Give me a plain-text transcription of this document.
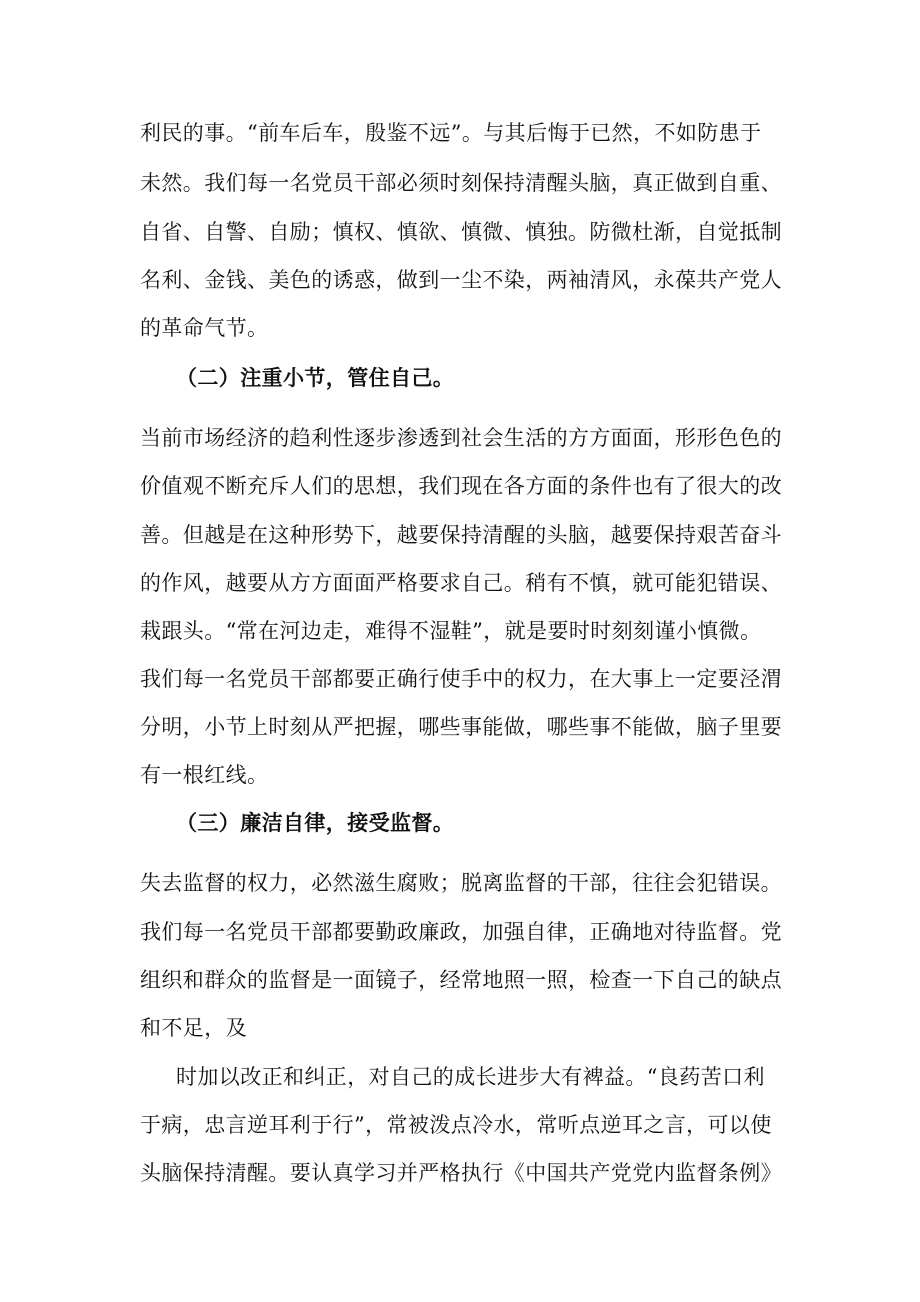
利民的事。“前车后车，殷鉴不远”。与其后悔于已然，不如防患于
未然。我们每一名党员干部必须时刻保持清醒头脑，真正做到自重、
自省、自警、自励；慎权、慎欲、慎微、慎独。防微杜渐，自觉抵制
名利、金钱、美色的诱惑，做到一尘不染，两袖清风，永葆共产党人
的革命气节。
（二）注重小节，管住自己。
当前市场经济的趋利性逐步渗透到社会生活的方方面面，形形色色的
价值观不断充斥人们的思想，我们现在各方面的条件也有了很大的改
善。但越是在这种形势下，越要保持清醒的头脑，越要保持艰苦奋斗
的作风，越要从方方面面严格要求自己。稍有不慎，就可能犯错误、
栽跟头。“常在河边走，难得不湿鞋”，就是要时时刻刻谨小慎微。
我们每一名党员干部都要正确行使手中的权力，在大事上一定要泾渭
分明，小节上时刻从严把握，哪些事能做，哪些事不能做，脑子里要
有一根红线。
（三）廉洁自律，接受监督。
失去监督的权力，必然滋生腐败；脱离监督的干部，往往会犯错误。
我们每一名党员干部都要勤政廉政，加强自律，正确地对待监督。党
组织和群众的监督是一面镜子，经常地照一照，检查一下自己的缺点
和不足，及
时加以改正和纠正，对自己的成长进步大有裨益。“良药苦口利
于病，忠言逆耳利于行”，常被泼点冷水，常听点逆耳之言，可以使
头脑保持清醒。要认真学习并严格执行《中国共产党党内监督条例》
